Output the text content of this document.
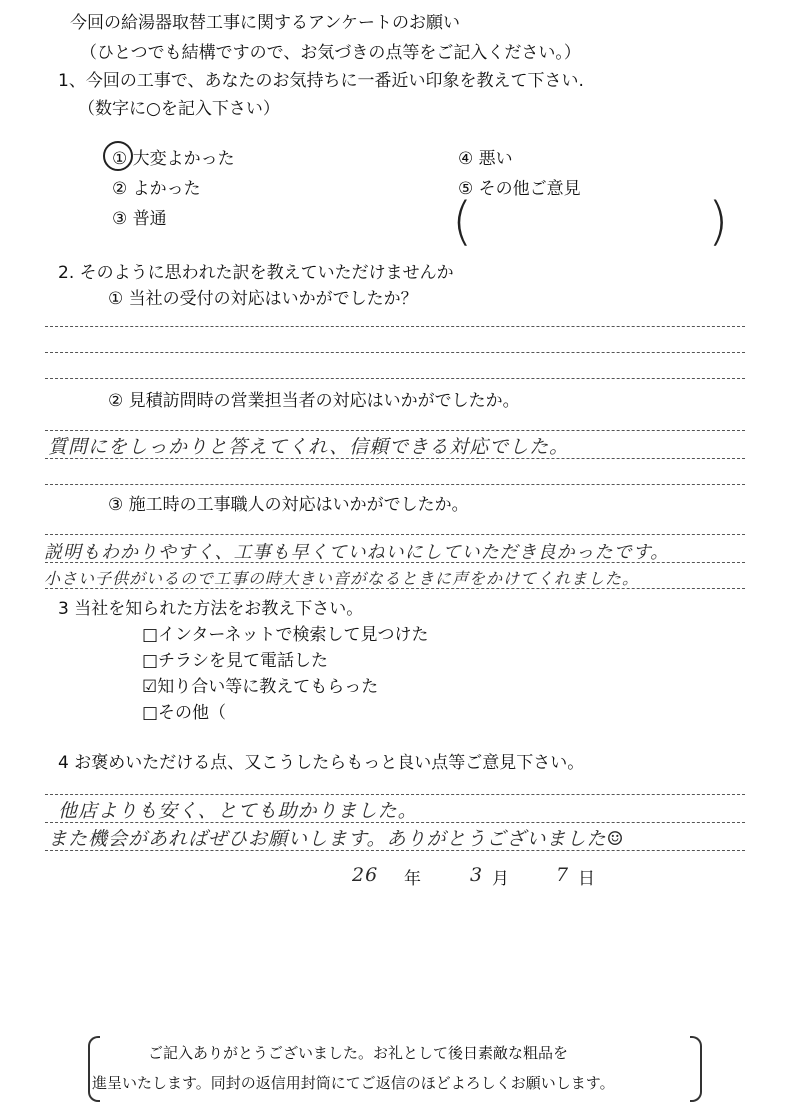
今回の給湯器取替工事に関するアンケートのお願い
（ひとつでも結構ですので、お気づきの点等をご記入ください。）
1、今回の工事で、あなたのお気持ちに一番近い印象を教えて下さい.
（数字に○を記入下さい）
① 大変よかった
② よかった
③ 普通
④ 悪い
⑤ その他ご意見
(	)
2. そのように思われた訳を教えていただけませんか
① 当社の受付の対応はいかがでしたか？
② 見積訪問時の営業担当者の対応はいかがでしたか。
質問にをしっかりと答えてくれ、信頼できる対応でした。
③ 施工時の工事職人の対応はいかがでしたか。
説明もわかりやすく、工事も早くていねいにしていただき良かったです。
小さい子供がいるので工事の時大きい音がなるときに声をかけてくれました。
3 当社を知られた方法をお教え下さい。
□インターネットで検索して見つけた
□チラシを見て電話した
☑知り合い等に教えてもらった
□その他（
4 お褒めいただける点、又こうしたらもっと良い点等ご意見下さい。
他店よりも安く、とても助かりました。
また機会があればぜひお願いします。ありがとうございました☺
26 年	3 月 7 日
ご記入ありがとうございました。お礼として後日素敵な粗品を
進呈いたします。同封の返信用封筒にてご返信のほどよろしくお願いします。
